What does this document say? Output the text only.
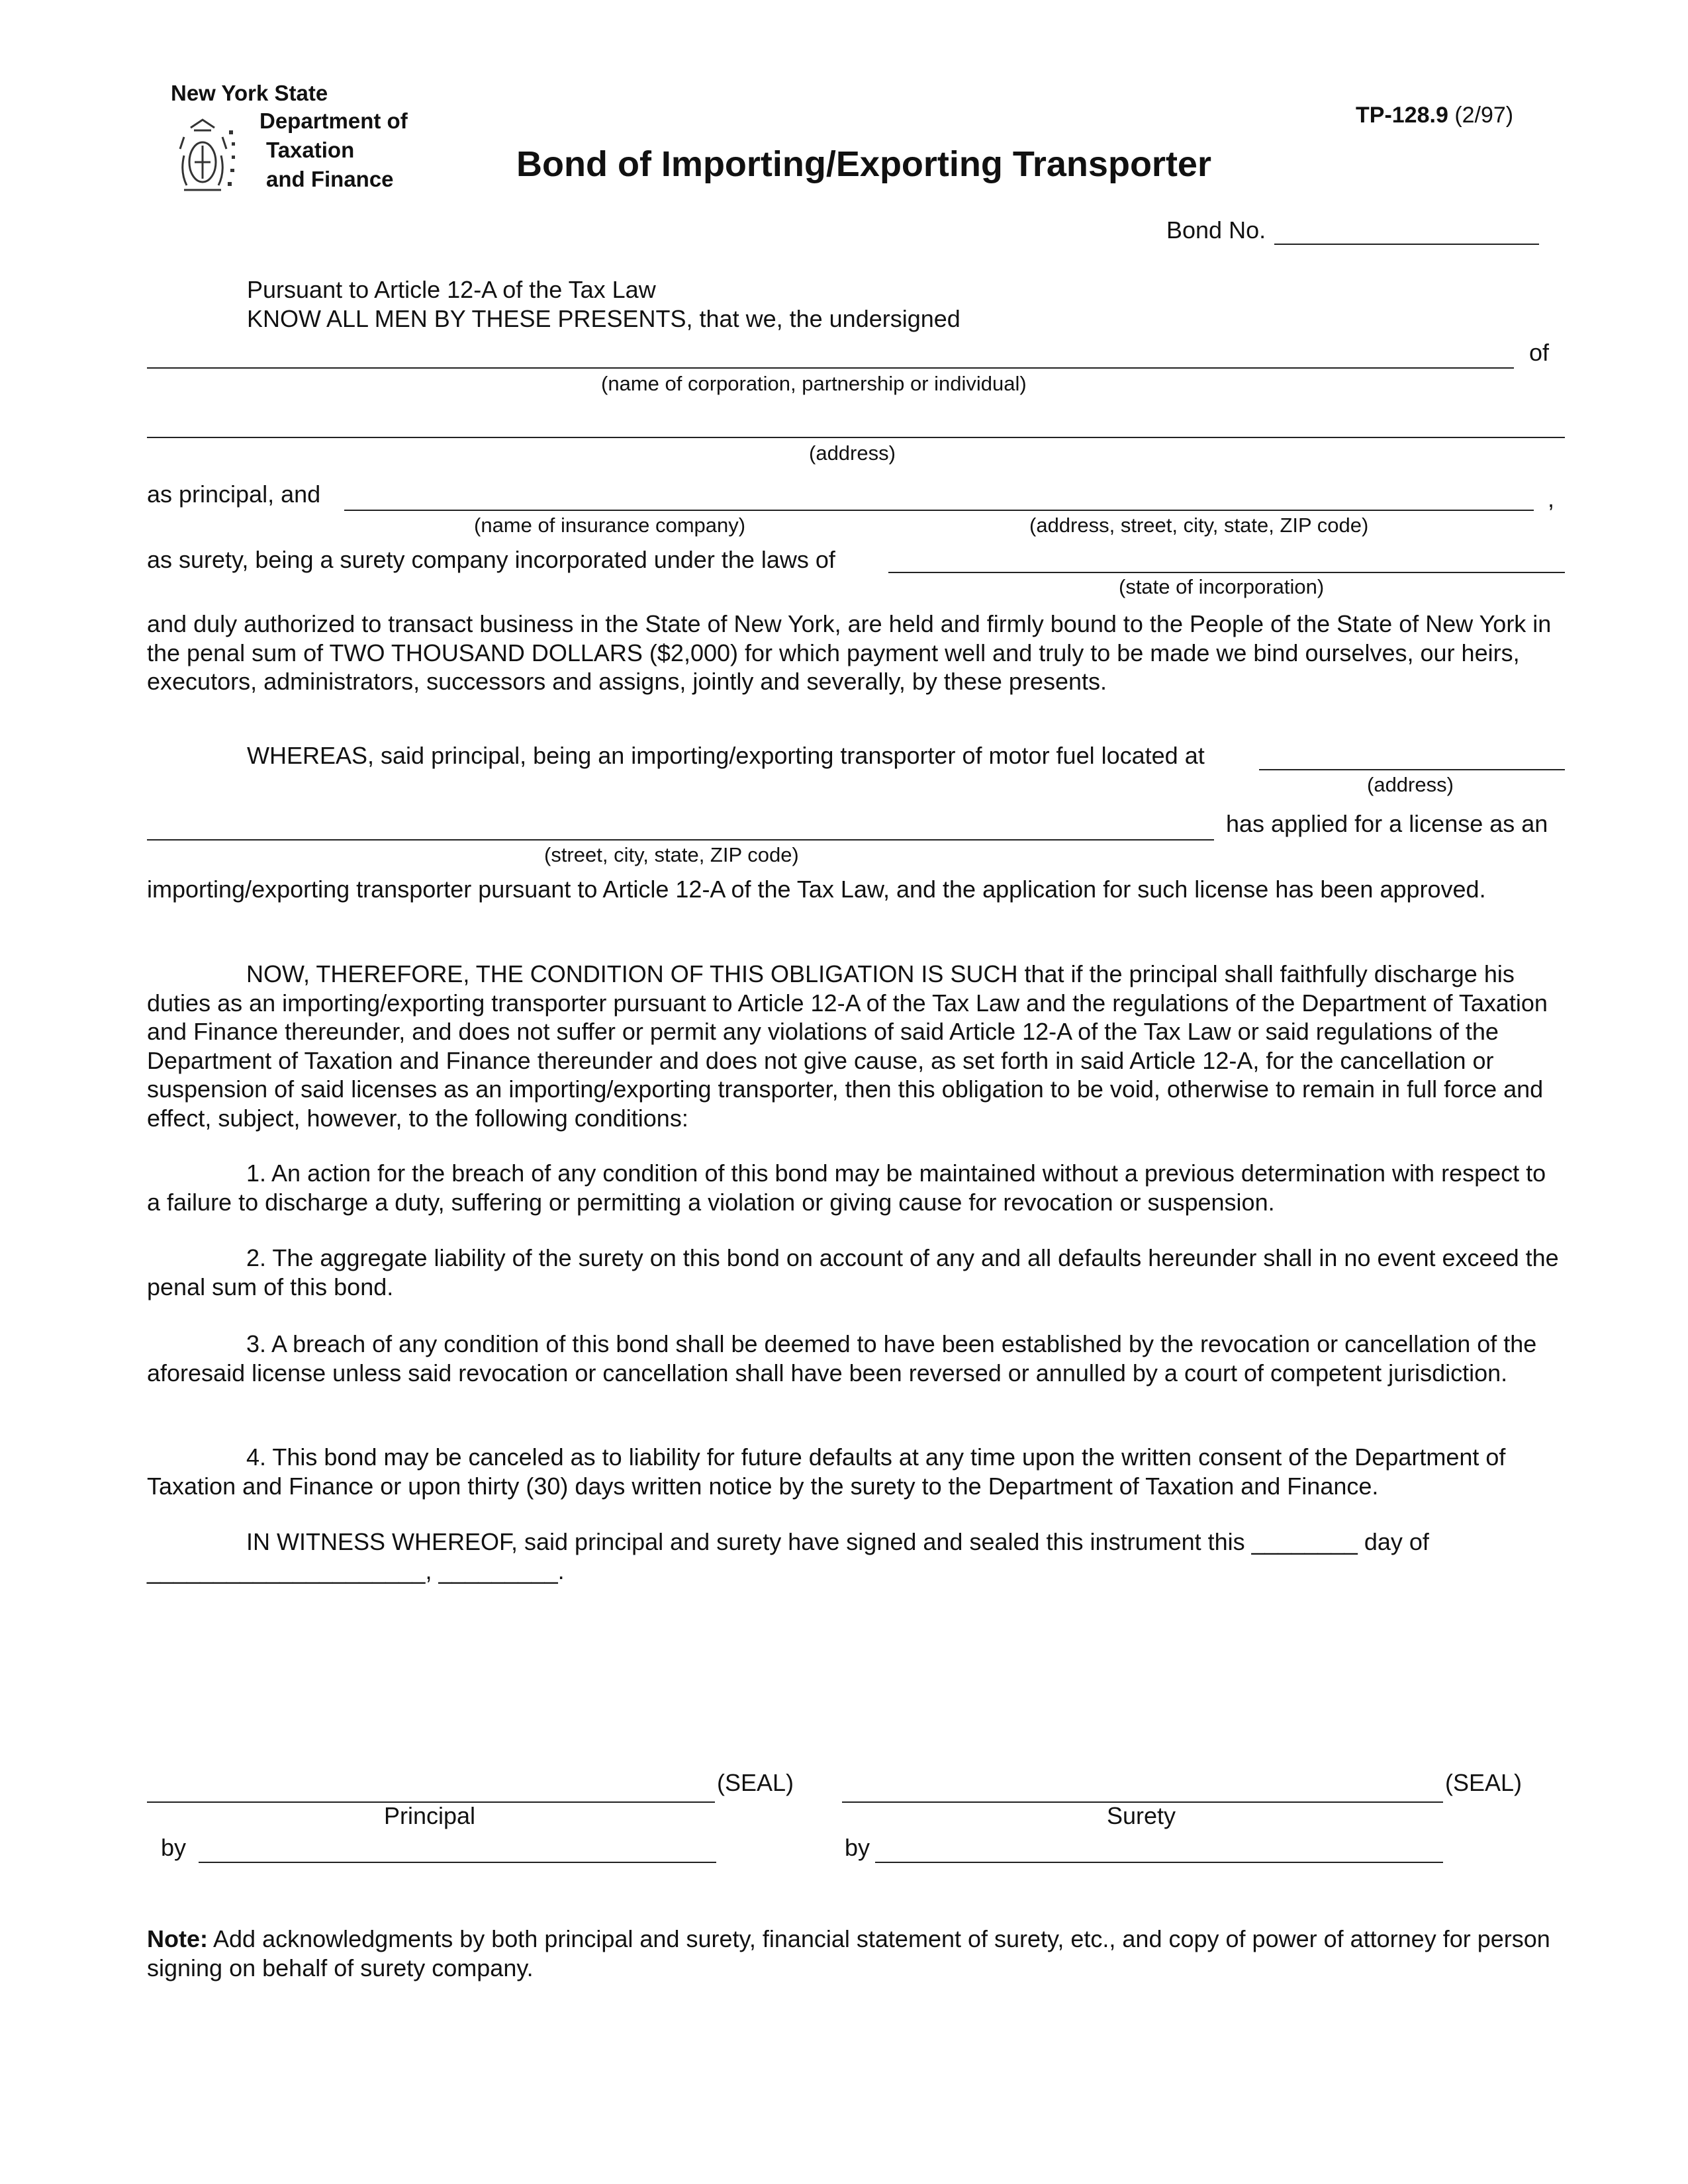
New York State
Department of
Taxation
and Finance
TP-128.9 (2/97)
Bond of Importing/Exporting Transporter
Bond No.
Pursuant to Article 12-A of the Tax Law
KNOW ALL MEN BY THESE PRESENTS, that we, the undersigned
of
(name of corporation, partnership or individual)
(address)
as principal, and	,
(name of insurance company)	(address, street, city, state, ZIP code)
as surety, being a surety company incorporated under the laws of
(state of incorporation)

and duly authorized to transact business in the State of New York, are held and firmly bound to the People of the State of New York in the penal sum of TWO THOUSAND DOLLARS ($2,000) for which payment well and truly to be made we bind ourselves, our heirs, executors, administrators, successors and assigns, jointly and severally, by these presents.

WHEREAS, said principal, being an importing/exporting transporter of motor fuel located at
(address)
has applied for a license as an
(street, city, state, ZIP code)

importing/exporting transporter pursuant to Article 12-A of the Tax Law, and the application for such license has been approved.

NOW, THEREFORE, THE CONDITION OF THIS OBLIGATION IS SUCH that if the principal shall faithfully discharge his duties as an importing/exporting transporter pursuant to Article 12-A of the Tax Law and the regulations of the Department of Taxation and Finance thereunder, and does not suffer or permit any violations of said Article 12-A of the Tax Law or said regulations of the Department of Taxation and Finance thereunder and does not give cause, as set forth in said Article 12-A, for the cancellation or suspension of said licenses as an importing/exporting transporter, then this obligation to be void, otherwise to remain in full force and effect, subject, however, to the following conditions:

1. An action for the breach of any condition of this bond may be maintained without a previous determination with respect to a failure to discharge a duty, suffering or permitting a violation or giving cause for revocation or suspension.

2. The aggregate liability of the surety on this bond on account of any and all defaults hereunder shall in no event exceed the penal sum of this bond.

3. A breach of any condition of this bond shall be deemed to have been established by the revocation or cancellation of the aforesaid license unless said revocation or cancellation shall have been reversed or annulled by a court of competent jurisdiction.

4. This bond may be canceled as to liability for future defaults at any time upon the written consent of the Department of Taxation and Finance or upon thirty (30) days written notice by the surety to the Department of Taxation and Finance.

IN WITNESS WHEREOF, said principal and surety have signed and sealed this instrument this ________ day of

_____________________, _________.
(SEAL)
Principal
by
(SEAL)
Surety
by

Note: Add acknowledgments by both principal and surety, financial statement of surety, etc., and copy of power of attorney for person signing on behalf of surety company.
